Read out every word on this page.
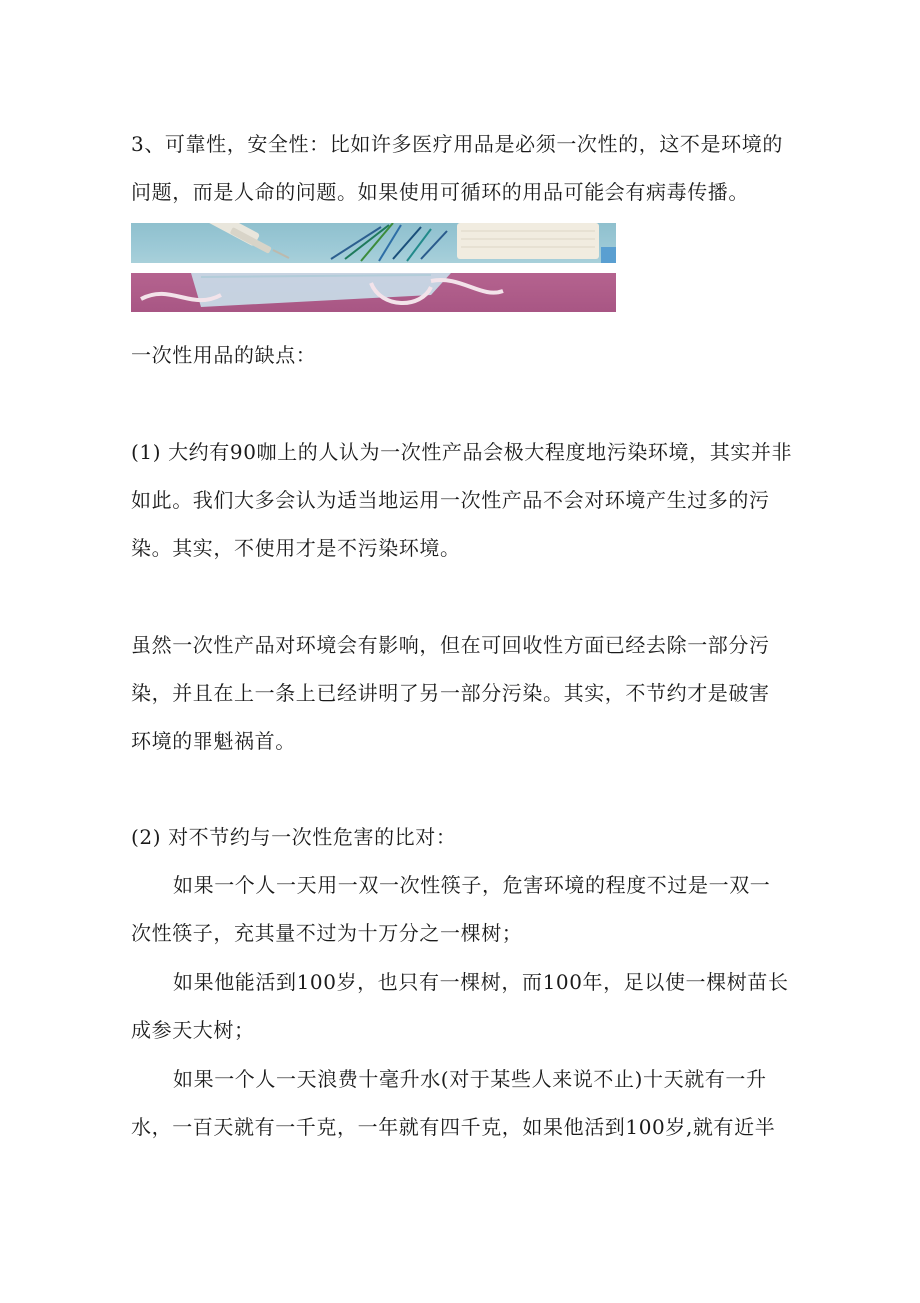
3、可靠性，安全性：比如许多医疗用品是必须一次性的，这不是环境的
问题，而是人命的问题。如果使用可循环的用品可能会有病毒传播。
一次性用品的缺点：
(1) 大约有90咖上的人认为一次性产品会极大程度地污染环境，其实并非
如此。我们大多会认为适当地运用一次性产品不会对环境产生过多的污
染。其实，不使用才是不污染环境。
虽然一次性产品对环境会有影响，但在可回收性方面已经去除一部分污
染，并且在上一条上已经讲明了另一部分污染。其实，不节约才是破害
环境的罪魁祸首。
(2) 对不节约与一次性危害的比对：
如果一个人一天用一双一次性筷子，危害环境的程度不过是一双一
次性筷子，充其量不过为十万分之一棵树；
如果他能活到100岁，也只有一棵树，而100年，足以使一棵树苗长
成参天大树；
如果一个人一天浪费十毫升水(对于某些人来说不止)十天就有一升
水，一百天就有一千克，一年就有四千克，如果他活到100岁,就有近半
